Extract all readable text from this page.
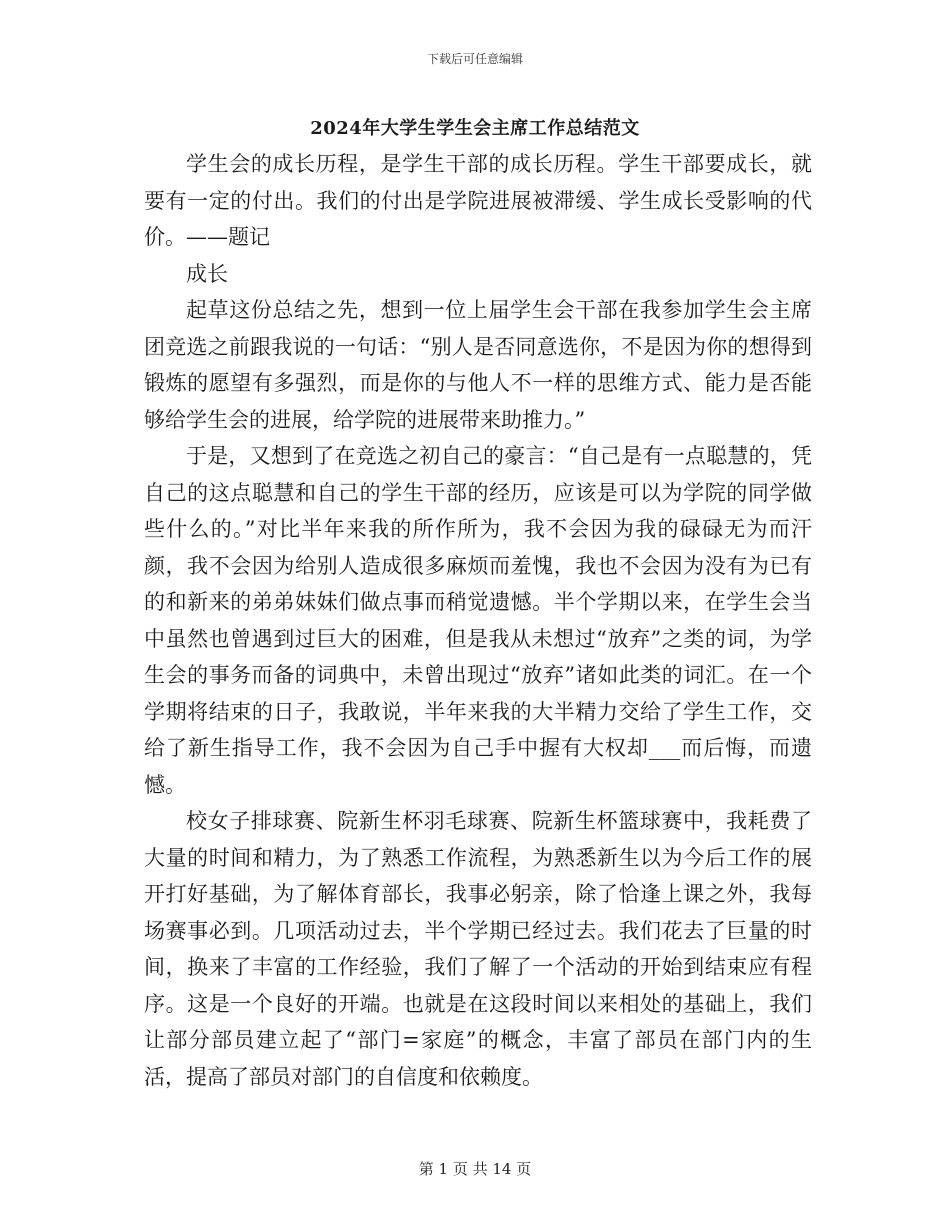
下载后可任意编辑
2024年大学生学生会主席工作总结范文

学生会的成长历程，是学生干部的成长历程。学生干部要成长，就要有一定的付出。我们的付出是学院进展被滞缓、学生成长受影响的代价。——题记

成长

起草这份总结之先，想到一位上届学生会干部在我参加学生会主席团竞选之前跟我说的一句话：“别人是否同意选你，不是因为你的想得到锻炼的愿望有多强烈，而是你的与他人不一样的思维方式、能力是否能够给学生会的进展，给学院的进展带来助推力。”

于是，又想到了在竞选之初自己的豪言：“自己是有一点聪慧的，凭自己的这点聪慧和自己的学生干部的经历，应该是可以为学院的同学做些什么的。”对比半年来我的所作所为，我不会因为我的碌碌无为而汗颜，我不会因为给别人造成很多麻烦而羞愧，我也不会因为没有为已有的和新来的弟弟妹妹们做点事而稍觉遗憾。半个学期以来，在学生会当中虽然也曾遇到过巨大的困难，但是我从未想过“放弃”之类的词，为学生会的事务而备的词典中，未曾出现过“放弃”诸如此类的词汇。在一个学期将结束的日子，我敢说，半年来我的大半精力交给了学生工作，交给了新生指导工作，我不会因为自己手中握有大权却___而后悔，而遗憾。

校女子排球赛、院新生杯羽毛球赛、院新生杯篮球赛中，我耗费了大量的时间和精力，为了熟悉工作流程，为熟悉新生以为今后工作的展开打好基础，为了解体育部长，我事必躬亲，除了恰逢上课之外，我每场赛事必到。几项活动过去，半个学期已经过去。我们花去了巨量的时间，换来了丰富的工作经验，我们了解了一个活动的开始到结束应有程序。这是一个良好的开端。也就是在这段时间以来相处的基础上，我们让部分部员建立起了“部门=家庭”的概念，丰富了部员在部门内的生活，提高了部员对部门的自信度和依赖度。

第 1 页 共 14 页
